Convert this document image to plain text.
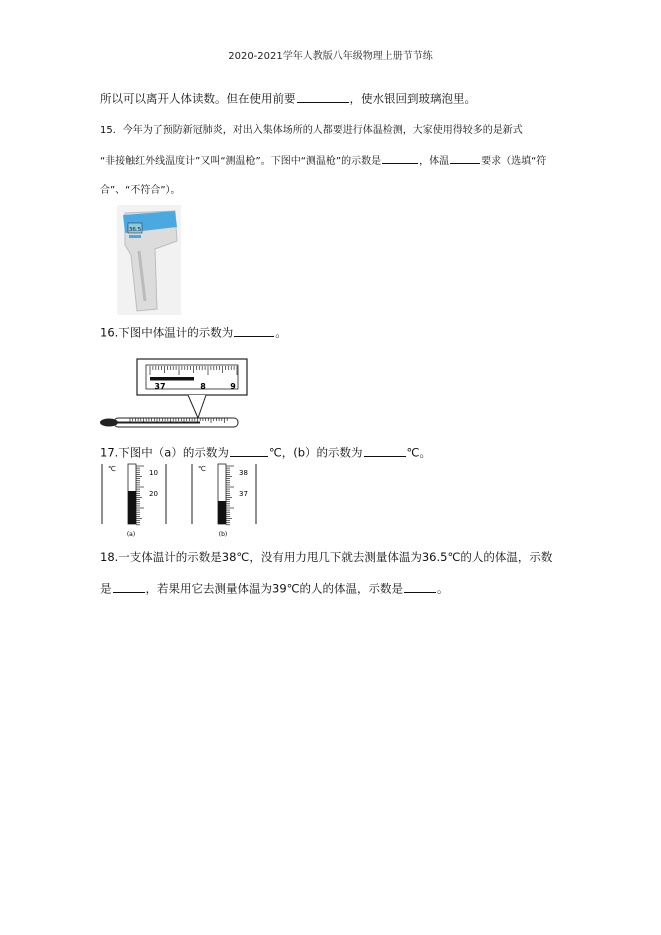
2020-2021学年人教版八年级物理上册节节练
所以可以离开人体读数。但在使用前要	，使水银回到玻璃泡里。
15．今年为了预防新冠肺炎，对出入集体场所的人都要进行体温检测，大家使用得较多的是新式
“非接触红外线温度计”又叫“测温枪”。下图中“测温枪”的示数是	，体温	要求（选填“符
合”、“不符合”）。
36.5
16.下图中体温计的示数为	。
37	8	9
17.下图中（a）的示数为	℃，(b）的示数为	℃。
℃	10
20
(a)
℃	38
37
(b)
18.一支体温计的示数是38℃，没有用力甩几下就去测量体温为36.5℃的人的体温，示数
是	，若果用它去测量体温为39℃的人的体温，示数是	。
